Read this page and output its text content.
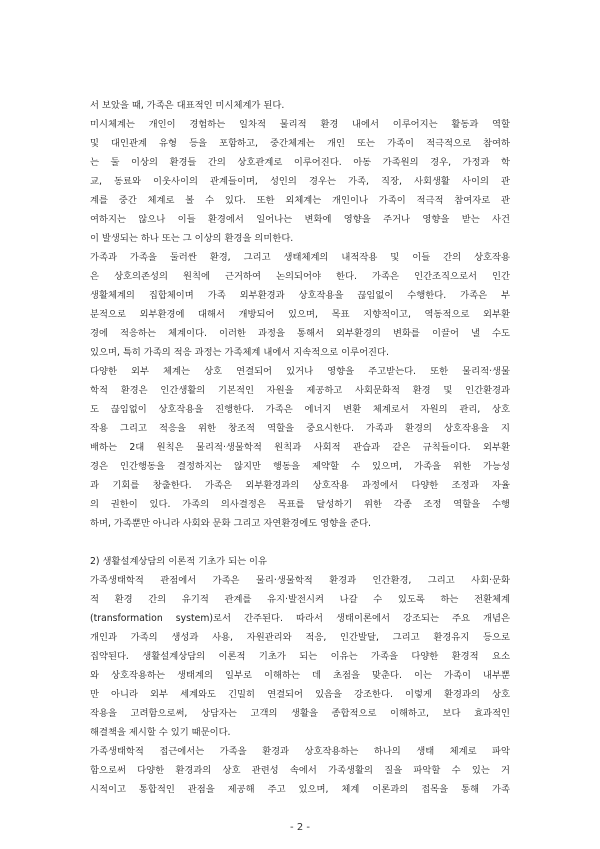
서 보았을 때, 가족은 대표적인 미시체계가 된다.
미시체계는 개인이 경험하는 일차적 물리적 환경 내에서 이루어지는 활동과 역할
및 대인관계 유형 등을 포함하고, 중간체계는 개인 또는 가족이 적극적으로 참여하
는 둘 이상의 환경들 간의 상호관계로 이루어진다. 아동 가족원의 경우, 가정과 학
교, 동료와 이웃사이의 관계들이며, 성인의 경우는 가족, 직장, 사회생활 사이의 관
계를 중간 체계로 볼 수 있다. 또한 외체계는 개인이나 가족이 적극적 참여자로 관
여하지는 않으나 이들 환경에서 일어나는 변화에 영향을 주거나 영향을 받는 사건
이 발생되는 하나 또는 그 이상의 환경을 의미한다.
가족과 가족을 둘러싼 환경, 그리고 생태체계의 내적작용 및 이들 간의 상호작용
은 상호의존성의 원칙에 근거하여 논의되어야 한다. 가족은 인간조직으로서 인간
생활체계의 집합체이며 가족 외부환경과 상호작용을 끊임없이 수행한다. 가족은 부
분적으로 외부환경에 대해서 개방되어 있으며, 목표 지향적이고, 역동적으로 외부환
경에 적응하는 체계이다. 이러한 과정을 통해서 외부환경의 변화를 이끌어 낼 수도
있으며, 특히 가족의 적응 과정는 가족체계 내에서 지속적으로 이루어진다.
다양한 외부 체계는 상호 연결되어 있거나 영향을 주고받는다. 또한 물리적·생물
학적 환경은 인간생활의 기본적인 자원을 제공하고 사회문화적 환경 및 인간환경과
도 끊임없이 상호작용을 진행한다. 가족은 에너지 변환 체계로서 자원의 관리, 상호
작용 그리고 적응을 위한 창조적 역할을 중요시한다. 가족과 환경의 상호작용을 지
배하는 2대 원칙은 물리적·생물학적 원칙과 사회적 관습과 같은 규칙들이다. 외부환
경은 인간행동을 결정하지는 않지만 행동을 제약할 수 있으며, 가족을 위한 가능성
과 기회를 창출한다. 가족은 외부환경과의 상호작용 과정에서 다양한 조정과 자율
의 권한이 있다. 가족의 의사결정은 목표를 달성하기 위한 각종 조정 역할을 수행
하며, 가족뿐만 아니라 사회와 문화 그리고 자연환경에도 영향을 준다.
2) 생활설계상담의 이론적 기초가 되는 이유
가족생태학적 관점에서 가족은 물리·생물학적 환경과 인간환경, 그리고 사회·문화
적 환경 간의 유기적 관계를 유지·발전시켜 나갈 수 있도록 하는 전환체계
(transformation system)로서 간주된다. 따라서 생태이론에서 강조되는 주요 개념은
개인과 가족의 생성과 사용, 자원관리와 적응, 인간발달, 그리고 환경유지 등으로
집약된다. 생활설계상담의 이론적 기초가 되는 이유는 가족을 다양한 환경적 요소
와 상호작용하는 생태계의 일부로 이해하는 데 초점을 맞춘다. 이는 가족이 내부뿐
만 아니라 외부 세계와도 긴밀히 연결되어 있음을 강조한다. 이렇게 환경과의 상호
작용을 고려함으로써, 상담자는 고객의 생활을 종합적으로 이해하고, 보다 효과적인
해결책을 제시할 수 있기 때문이다.
가족생태학적 접근에서는 가족을 환경과 상호작용하는 하나의 생태 체계로 파악
함으로써 다양한 환경과의 상호 관련성 속에서 가족생활의 질을 파악할 수 있는 거
시적이고 통합적인 관점을 제공해 주고 있으며, 체계 이론과의 접목을 통해 가족
- 2 -
